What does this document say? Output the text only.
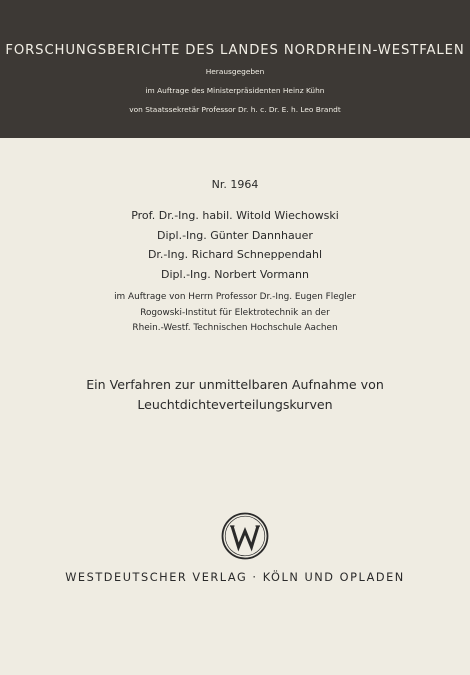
FORSCHUNGSBERICHTE DES LANDES NORDRHEIN-WESTFALEN
Herausgegeben
im Auftrage des Ministerpräsidenten Heinz Kühn
von Staatssekretär Professor Dr. h. c. Dr. E. h. Leo Brandt
Nr. 1964
Prof. Dr.-Ing. habil. Witold Wiechowski
Dipl.-Ing. Günter Dannhauer
Dr.-Ing. Richard Schneppendahl
Dipl.-Ing. Norbert Vormann
im Auftrage von Herrn Professor Dr.-Ing. Eugen Flegler
Rogowski-Institut für Elektrotechnik an der
Rhein.-Westf. Technischen Hochschule Aachen
Ein Verfahren zur unmittelbaren Aufnahme von
Leuchtdichteverteilungskurven
WESTDEUTSCHER VERLAG · KÖLN UND OPLADEN
